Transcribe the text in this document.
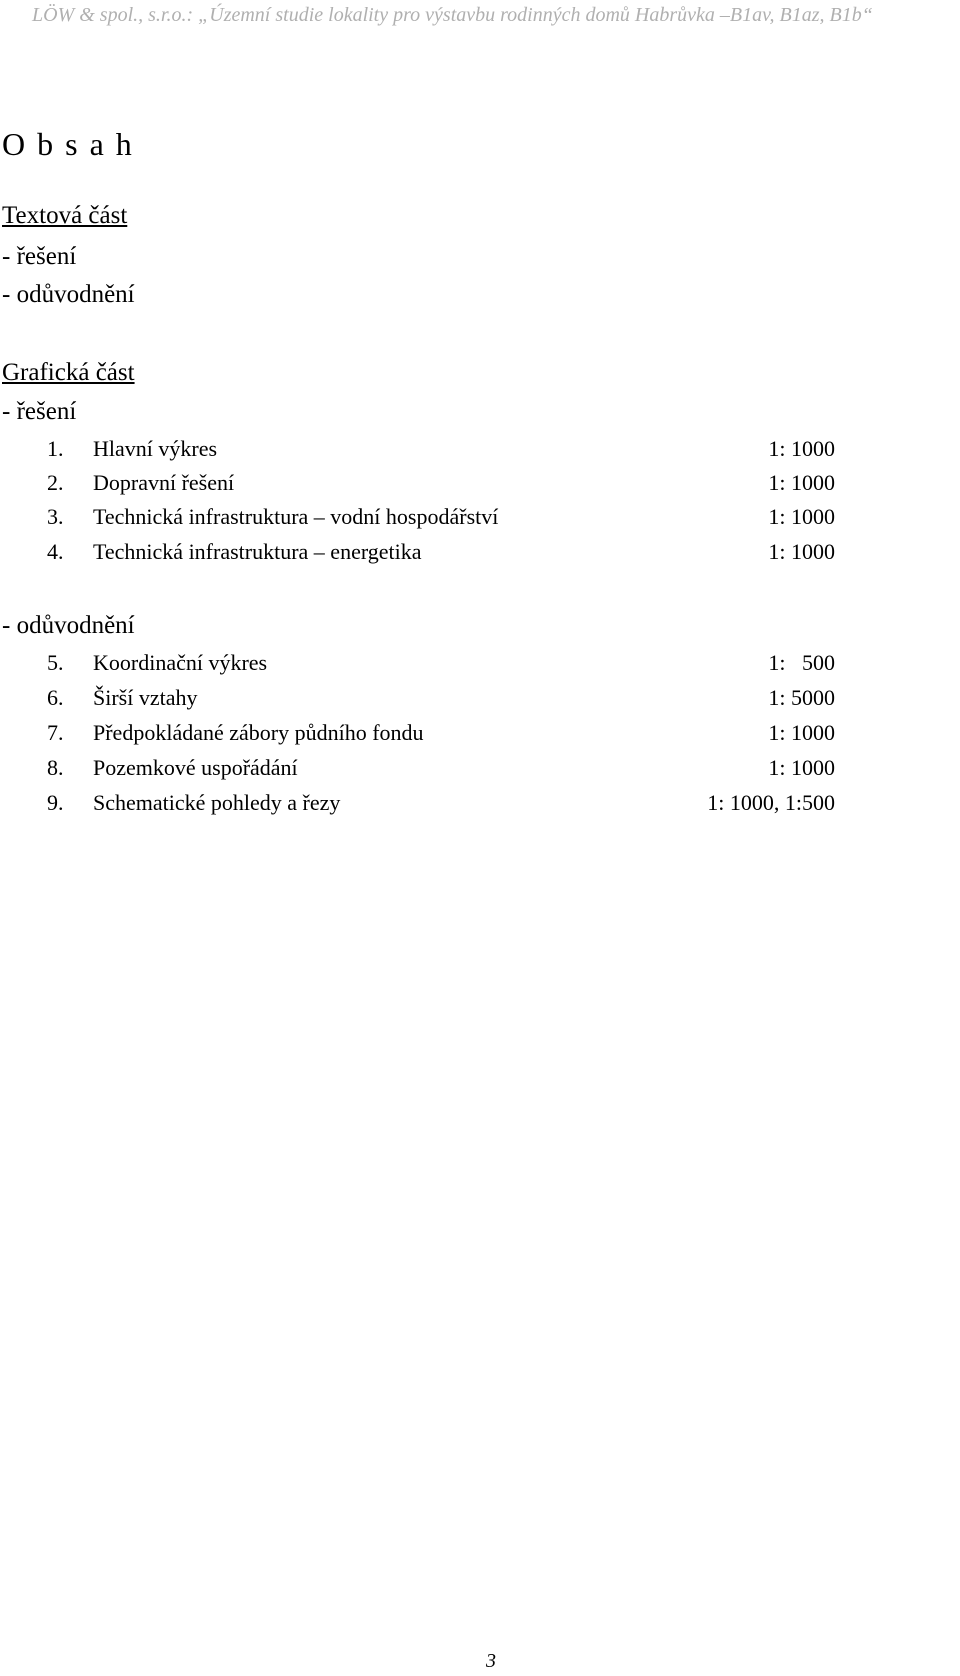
LÖW & spol., s.r.o.: „Územní studie lokality pro výstavbu rodinných domů Habrůvka –B1av, B1az, B1b“
O b s a h
Textová část
- řešení
- odůvodnění
Grafická část
- řešení
1. Hlavní výkres	1: 1000
2. Dopravní řešení	1: 1000
3. Technická infrastruktura – vodní hospodářství	1: 1000
4. Technická infrastruktura – energetika	1: 1000
- odůvodnění
5. Koordinační výkres	1:   500
6. Širší vztahy	1: 5000
7. Předpokládané zábory půdního fondu	1: 1000
8. Pozemkové uspořádání	1: 1000
9. Schematické pohledy a řezy	1: 1000, 1:500
3
